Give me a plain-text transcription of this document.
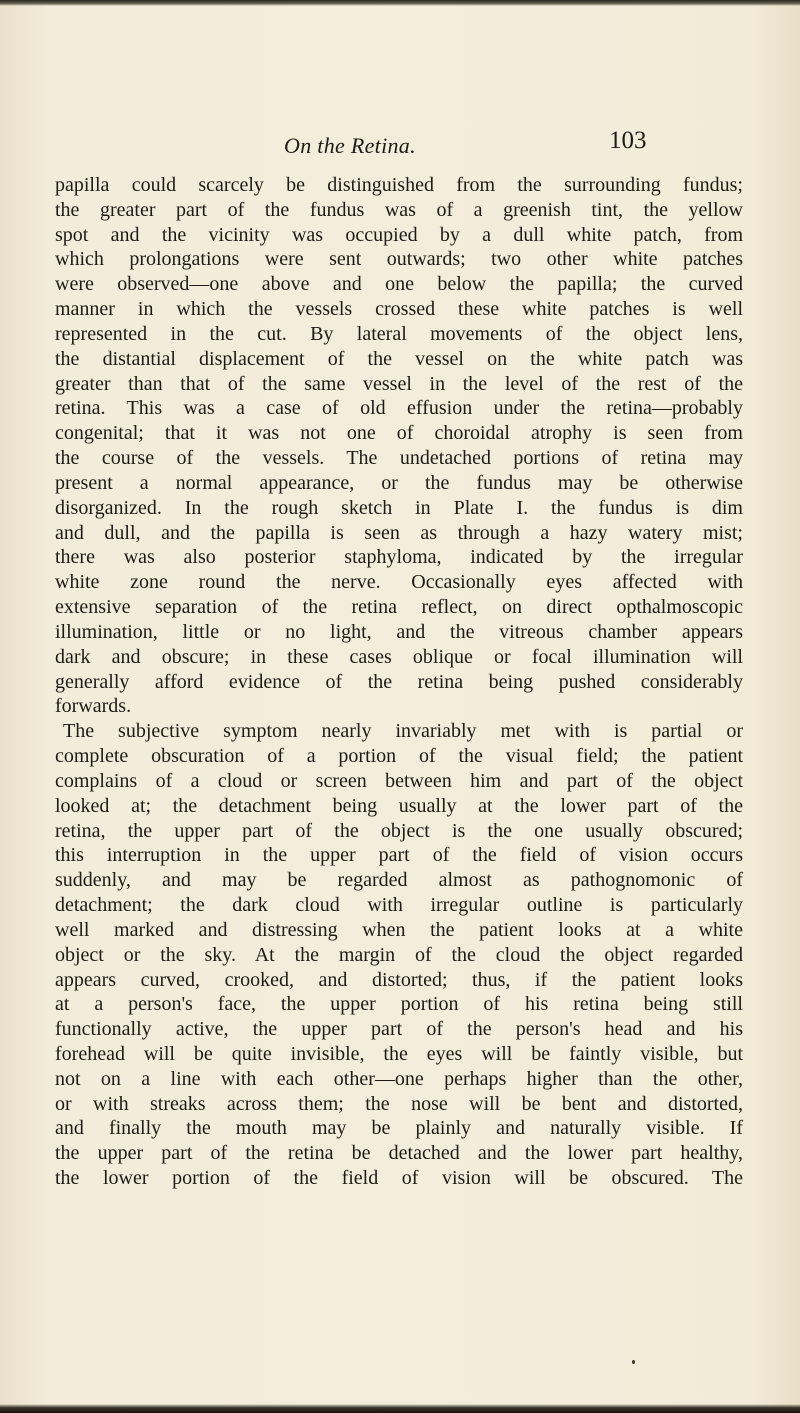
On the Retina.	103
papilla could scarcely be distinguished from the surrounding fundus;
the greater part of the fundus was of a greenish tint, the yellow
spot and the vicinity was occupied by a dull white patch, from
which prolongations were sent outwards; two other white patches
were observed—one above and one below the papilla; the curved
manner in which the vessels crossed these white patches is well
represented in the cut. By lateral movements of the object lens,
the distantial displacement of the vessel on the white patch was
greater than that of the same vessel in the level of the rest of the
retina. This was a case of old effusion under the retina—probably
congenital; that it was not one of choroidal atrophy is seen from
the course of the vessels. The undetached portions of retina may
present a normal appearance, or the fundus may be otherwise
disorganized. In the rough sketch in Plate I. the fundus is dim
and dull, and the papilla is seen as through a hazy watery mist;
there was also posterior staphyloma, indicated by the irregular
white zone round the nerve. Occasionally eyes affected with
extensive separation of the retina reflect, on direct opthalmoscopic
illumination, little or no light, and the vitreous chamber appears
dark and obscure; in these cases oblique or focal illumination will
generally afford evidence of the retina being pushed considerably
forwards.
The subjective symptom nearly invariably met with is partial or
complete obscuration of a portion of the visual field; the patient
complains of a cloud or screen between him and part of the object
looked at; the detachment being usually at the lower part of the
retina, the upper part of the object is the one usually obscured;
this interruption in the upper part of the field of vision occurs
suddenly, and may be regarded almost as pathognomonic of
detachment; the dark cloud with irregular outline is particularly
well marked and distressing when the patient looks at a white
object or the sky. At the margin of the cloud the object regarded
appears curved, crooked, and distorted; thus, if the patient looks
at a person's face, the upper portion of his retina being still
functionally active, the upper part of the person's head and his
forehead will be quite invisible, the eyes will be faintly visible, but
not on a line with each other—one perhaps higher than the other,
or with streaks across them; the nose will be bent and distorted,
and finally the mouth may be plainly and naturally visible. If
the upper part of the retina be detached and the lower part healthy,
the lower portion of the field of vision will be obscured. The
